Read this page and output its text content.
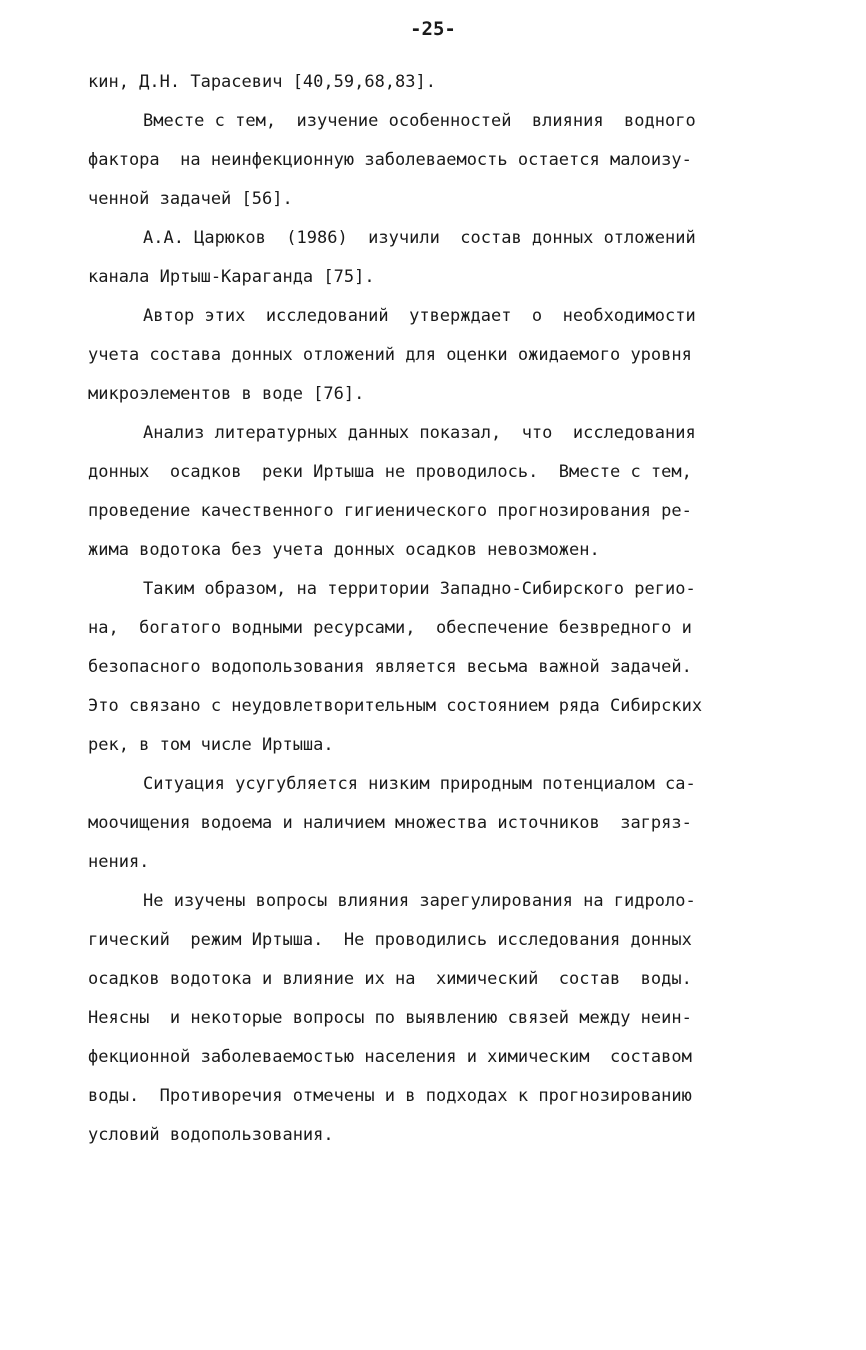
-25-
кин, Д.Н. Тарасевич [40,59,68,83].
Вместе с тем,  изучение особенностей  влияния  водного
фактора  на неинфекционную заболеваемость остается малоизу-
ченной задачей [56].
А.А. Царюков  (1986)  изучили  состав донных отложений
канала Иртыш-Караганда [75].
Автор этих  исследований  утверждает  о  необходимости
учета состава донных отложений для оценки ожидаемого уровня
микроэлементов в воде [76].
Анализ литературных данных показал,  что  исследования
донных  осадков  реки Иртыша не проводилось.  Вместе с тем,
проведение качественного гигиенического прогнозирования ре-
жима водотока без учета донных осадков невозможен.
Таким образом, на территории Западно-Сибирского регио-
на,  богатого водными ресурсами,  обеспечение безвредного и
безопасного водопользования является весьма важной задачей.
Это связано с неудовлетворительным состоянием ряда Сибирских
рек, в том числе Иртыша.
Ситуация усугубляется низким природным потенциалом са-
моочищения водоема и наличием множества источников  загряз-
нения.
Не изучены вопросы влияния зарегулирования на гидроло-
гический  режим Иртыша.  Не проводились исследования донных
осадков водотока и влияние их на  химический  состав  воды.
Неясны  и некоторые вопросы по выявлению связей между неин-
фекционной заболеваемостью населения и химическим  составом
воды.  Противоречия отмечены и в подходах к прогнозированию
условий водопользования.
